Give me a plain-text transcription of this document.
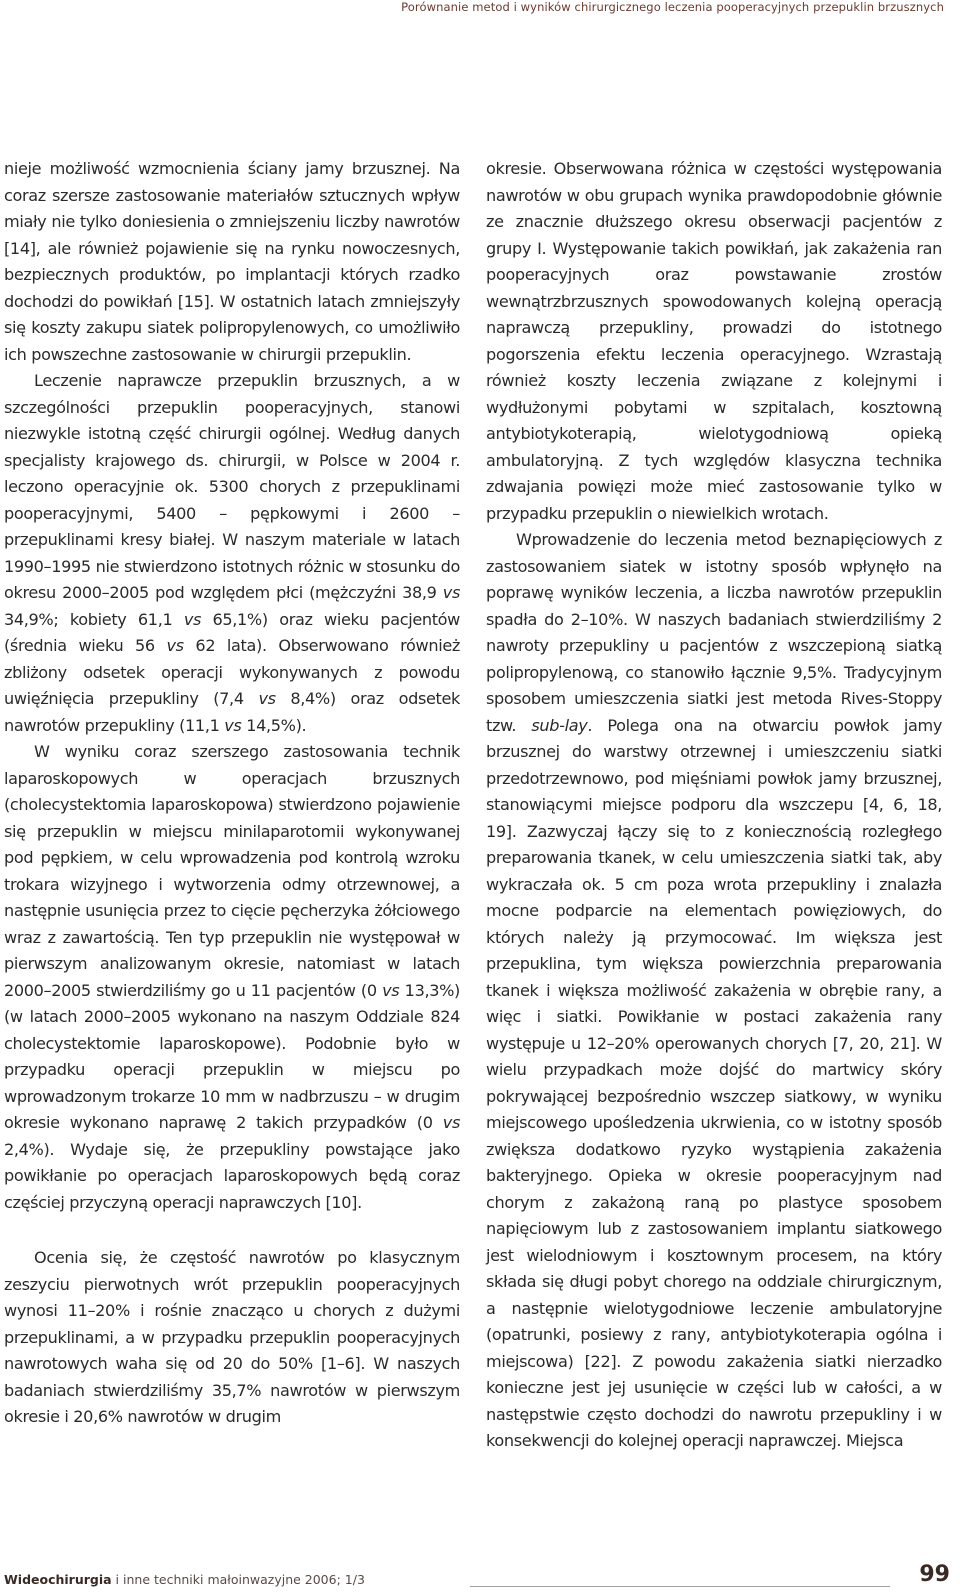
Porównanie metod i wyników chirurgicznego leczenia pooperacyjnych przepuklin brzusznych

nieje możliwość wzmocnienia ściany jamy brzusznej. Na coraz szersze zastosowanie materiałów sztucznych wpływ miały nie tylko doniesienia o zmniejszeniu liczby nawrotów [14], ale również pojawienie się na rynku nowoczesnych, bezpiecznych produktów, po implantacji których rzadko dochodzi do powikłań [15]. W ostatnich latach zmniejszyły się koszty zakupu siatek polipropylenowych, co umożliwiło ich powszechne zastosowanie w chirurgii przepuklin.

Leczenie naprawcze przepuklin brzusznych, a w szczególności przepuklin pooperacyjnych, stanowi niezwykle istotną część chirurgii ogólnej. Według danych specjalisty krajowego ds. chirurgii, w Polsce w 2004 r. leczono operacyjnie ok. 5300 chorych z przepuklinami pooperacyjnymi, 5400 – pępkowymi i 2600 – przepuklinami kresy białej. W naszym materiale w latach 1990–1995 nie stwierdzono istotnych różnic w stosunku do okresu 2000–2005 pod względem płci (mężczyźni 38,9 vs 34,9%; kobiety 61,1 vs 65,1%) oraz wieku pacjentów (średnia wieku 56 vs 62 lata). Obserwowano również zbliżony odsetek operacji wykonywanych z powodu uwięźnięcia przepukliny (7,4 vs 8,4%) oraz odsetek nawrotów przepukliny (11,1 vs 14,5%).

W wyniku coraz szerszego zastosowania technik laparoskopowych w operacjach brzusznych (cholecystektomia laparoskopowa) stwierdzono pojawienie się przepuklin w miejscu minilaparotomii wykonywanej pod pępkiem, w celu wprowadzenia pod kontrolą wzroku trokara wizyjnego i wytworzenia odmy otrzewnowej, a następnie usunięcia przez to cięcie pęcherzyka żółciowego wraz z zawartością. Ten typ przepuklin nie występował w pierwszym analizowanym okresie, natomiast w latach 2000–2005 stwierdziliśmy go u 11 pacjentów (0 vs 13,3%) (w latach 2000–2005 wykonano na naszym Oddziale 824 cholecystektomie laparoskopowe). Podobnie było w przypadku operacji przepuklin w miejscu po wprowadzonym trokarze 10 mm w nadbrzuszu – w drugim okresie wykonano naprawę 2 takich przypadków (0 vs 2,4%). Wydaje się, że przepukliny powstające jako powikłanie po operacjach laparoskopowych będą coraz częściej przyczyną operacji naprawczych [10].

Ocenia się, że częstość nawrotów po klasycznym zeszyciu pierwotnych wrót przepuklin pooperacyjnych wynosi 11–20% i rośnie znacząco u chorych z dużymi przepuklinami, a w przypadku przepuklin pooperacyjnych nawrotowych waha się od 20 do 50% [1–6]. W naszych badaniach stwierdziliśmy 35,7% nawrotów w pierwszym okresie i 20,6% nawrotów w drugim

okresie. Obserwowana różnica w częstości występowania nawrotów w obu grupach wynika prawdopodobnie głównie ze znacznie dłuższego okresu obserwacji pacjentów z grupy I. Występowanie takich powikłań, jak zakażenia ran pooperacyjnych oraz powstawanie zrostów wewnątrzbrzusznych spowodowanych kolejną operacją naprawczą przepukliny, prowadzi do istotnego pogorszenia efektu leczenia operacyjnego. Wzrastają również koszty leczenia związane z kolejnymi i wydłużonymi pobytami w szpitalach, kosztowną antybiotykoterapią, wielotygodniową opieką ambulatoryjną. Z tych względów klasyczna technika zdwajania powięzi może mieć zastosowanie tylko w przypadku przepuklin o niewielkich wrotach.

Wprowadzenie do leczenia metod beznapięciowych z zastosowaniem siatek w istotny sposób wpłynęło na poprawę wyników leczenia, a liczba nawrotów przepuklin spadła do 2–10%. W naszych badaniach stwierdziliśmy 2 nawroty przepukliny u pacjentów z wszczepioną siatką polipropylenową, co stanowiło łącznie 9,5%. Tradycyjnym sposobem umieszczenia siatki jest metoda Rives-Stoppy tzw. sub-lay. Polega ona na otwarciu powłok jamy brzusznej do warstwy otrzewnej i umieszczeniu siatki przedotrzewnowo, pod mięśniami powłok jamy brzusznej, stanowiącymi miejsce podporu dla wszczepu [4, 6, 18, 19]. Zazwyczaj łączy się to z koniecznością rozległego preparowania tkanek, w celu umieszczenia siatki tak, aby wykraczała ok. 5 cm poza wrota przepukliny i znalazła mocne podparcie na elementach powięziowych, do których należy ją przymocować. Im większa jest przepuklina, tym większa powierzchnia preparowania tkanek i większa możliwość zakażenia w obrębie rany, a więc i siatki. Powikłanie w postaci zakażenia rany występuje u 12–20% operowanych chorych [7, 20, 21]. W wielu przypadkach może dojść do martwicy skóry pokrywającej bezpośrednio wszczep siatkowy, w wyniku miejscowego upośledzenia ukrwienia, co w istotny sposób zwiększa dodatkowo ryzyko wystąpienia zakażenia bakteryjnego. Opieka w okresie pooperacyjnym nad chorym z zakażoną raną po plastyce sposobem napięciowym lub z zastosowaniem implantu siatkowego jest wielodniowym i kosztownym procesem, na który składa się długi pobyt chorego na oddziale chirurgicznym, a następnie wielotygodniowe leczenie ambulatoryjne (opatrunki, posiewy z rany, antybiotykoterapia ogólna i miejscowa) [22]. Z powodu zakażenia siatki nierzadko konieczne jest jej usunięcie w części lub w całości, a w następstwie często dochodzi do nawrotu przepukliny i w konsekwencji do kolejnej operacji naprawczej. Miejsca

Wideochirurgia i inne techniki małoinwazyjne 2006; 1/3	99
